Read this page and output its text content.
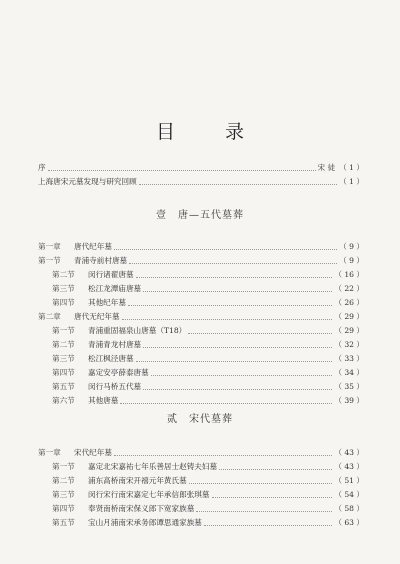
目 录
序	宋 徒 （ 1 ）
上海唐宋元墓发现与研究回顾	（ 1 ）
壹　唐—五代墓葬
第一章	唐代纪年墓	（ 9 ）
第一节	青浦寺前村唐墓	（ 9 ）
第二节	闵行诸翟唐墓	（ 16 ）
第三节	松江龙潭庙唐墓	（ 22 ）
第四节	其他纪年墓	（ 26 ）
第二章	唐代无纪年墓	（ 29 ）
第一节	青浦重固福泉山唐墓（T18）	（ 29 ）
第二节	青浦青龙村唐墓	（ 32 ）
第三节	松江枫泾唐墓	（ 33 ）
第四节	嘉定安亭薛泰唐墓	（ 34 ）
第五节	闵行马桥五代墓	（ 35 ）
第六节	其他唐墓	（ 39 ）
贰　宋代墓葬
第一章	宋代纪年墓	（ 43 ）
第一节	嘉定北宋嘉祐七年乐善居士赵铸夫妇墓	（ 43 ）
第二节	浦东高桥南宋开禧元年黄氏墓	（ 51 ）
第三节	闵行宋行南宋嘉定七年承信郎张琪墓	（ 54 ）
第四节	奉贤南桥南宋保义郎下宽家族墓	（ 58 ）
第五节	宝山月浦南宋承务郎谭思通家族墓	（ 63 ）
